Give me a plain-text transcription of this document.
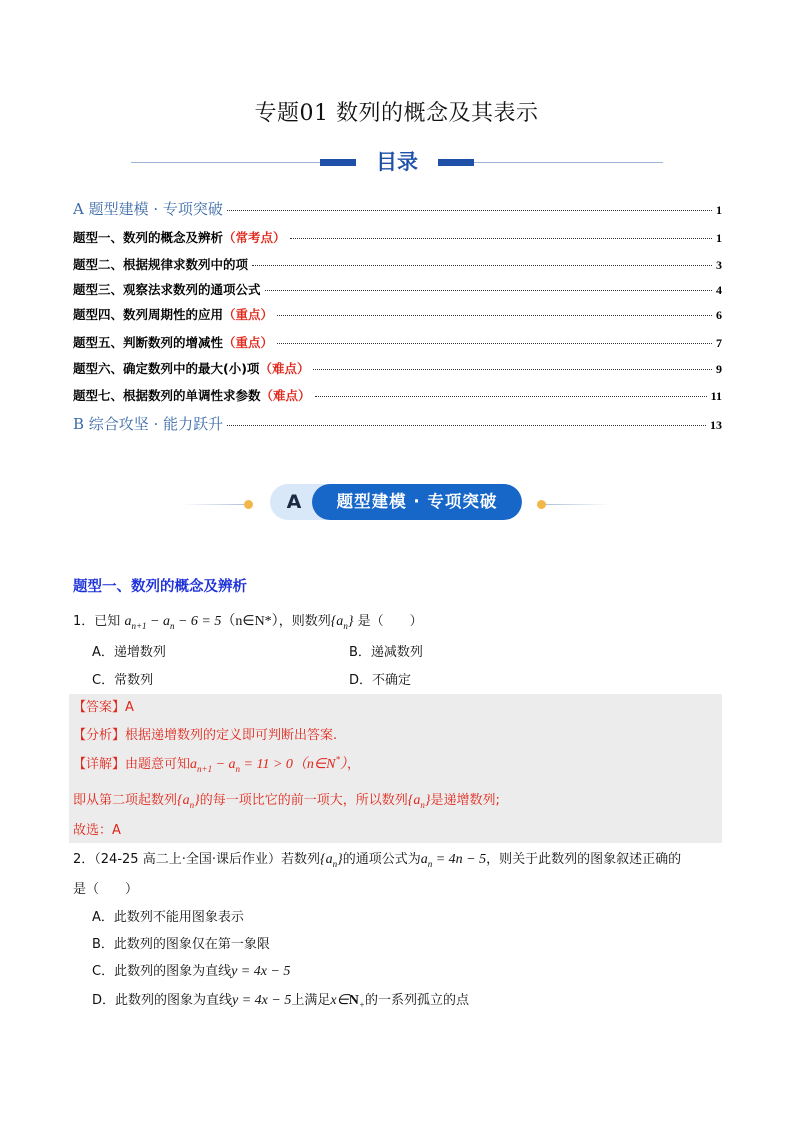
专题01 数列的概念及其表示
目录
A 题型建模 · 专项突破	1
题型一、数列的概念及辨析 （常考点）	1
题型二、根据规律求数列中的项	3
题型三、观察法求数列的通项公式	4
题型四、数列周期性的应用 （重点）	6
题型五、判断数列的增减性 （重点）	7
题型六、确定数列中的最大(小)项 （难点）	9
题型七、根据数列的单调性求参数 （难点）	11
B 综合攻坚 · 能力跃升	13
A	题型建模 · 专项突破
题型一、数列的概念及辨析
1．已知 $a_{n+1} - a_n - 6$ = 5（n∈N*），则数列$\{a_n\}$ 是（　　）
A．递增数列	B．递减数列
C．常数列	D．不确定
【答案】A
【分析】根据递增数列的定义即可判断出答案.
【详解】由题意可知$a_{n+1} - a_n = 11$ > 0（n∈N*），
即从第二项起数列$\{a_n\}$的每一项比它的前一项大，所以数列$\{a_n\}$是递增数列;
故选：A
2．（24-25 高二上·全国·课后作业）若数列$\{a_n\}$的通项公式为$a_n = 4n - 5$，则关于此数列的图象叙述正确的
是（　　）
A．此数列不能用图象表示
B．此数列的图象仅在第一象限
C．此数列的图象为直线y = 4x − 5
D．此数列的图象为直线y = 4x − 5上满足$x\in N_+$的一系列孤立的点
